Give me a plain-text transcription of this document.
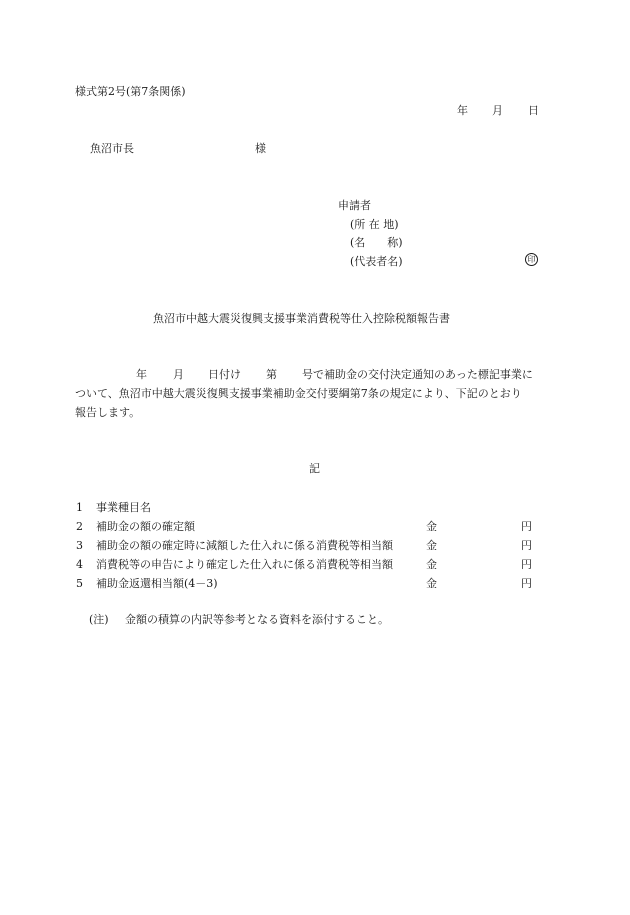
様式第2号(第7条関係)
年 月 日
魚沼市長	様
申請者
(所 在 地)
(名　　称)
(代表者名)	印
魚沼市中越大震災復興支援事業消費税等仕入控除税額報告書
年 月 日付け 第 号で補助金の交付決定通知のあった標記事業に
ついて、魚沼市中越大震災復興支援事業補助金交付要綱第7条の規定により、下記のとおり
報告します。
記
1 事業種目名
2 補助金の額の確定額	金	円
3 補助金の額の確定時に減額した仕入れに係る消費税等相当額	金	円
4 消費税等の申告により確定した仕入れに係る消費税等相当額	金	円
5 補助金返還相当額(4－3)	金	円
(注) 金額の積算の内訳等参考となる資料を添付すること。
